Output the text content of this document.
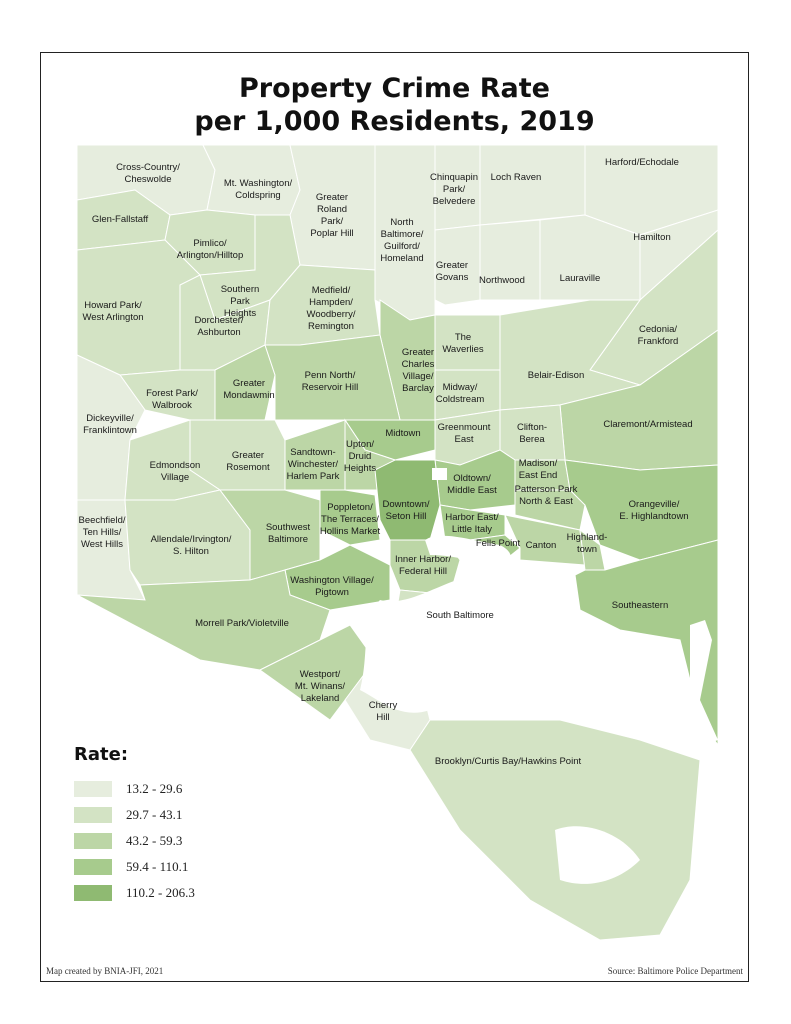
Property Crime Rate
per 1,000 Residents, 2019
Cross-Country/ Cheswolde	Mt. Washington/ Coldspring	Greater Roland Park/ Poplar Hill
North Baltimore/ Guilford/ Homeland
Chinquapin Park/ Belvedere
Loch Raven
Harford/Echodale
Glen-Fallstaff
Pimlico/ Arlington/Hilltop
Greater Govans Northwood	Lauraville
Hamilton
Southern Park Heights
Howard Park/ West Arlington	Dorchester/ Ashburton
Medfield/ Hampden/ Woodberry/ Remington
The Waverlies
Cedonia/ Frankford
Greater Charles Village/ Barclay
Greater Mondawmin
Penn North/ Reservoir Hill
Belair-Edison
Forest Park/ Walbrook
Midway/ Coldstream
Dickeyville/ Franklintown
Claremont/Armistead
Midtown
Greenmount East
Clifton-Berea
Greater Rosemont
Sandtown-Winchester/ Harlem Park
Upton/ Druid Heights
Edmondson Village
Madison/ East End
Oldtown/ Middle East Patterson Park North & East	Orangeville/ E. Highlandtown
Beechfield/ Ten Hills/ West Hills	Allendale/Irvington/ S. Hilton
Southwest Baltimore
Poppleton/ The Terraces/ Hollins Market
Downtown/ Seton Hill	Harbor East/ Little Italy
Fells Point Canton
Highland-town
Inner Harbor/ Federal Hill
Washington Village/ Pigtown
Southeastern
Morrell Park/Violetville
South Baltimore
Westport/ Mt. Winans/ Lakeland
Cherry Hill
Brooklyn/Curtis Bay/Hawkins Point
Rate:
13.2 - 29.6
29.7 - 43.1
43.2 - 59.3
59.4 - 110.1
110.2 - 206.3
Map created by BNIA-JFI, 2021	Source: Baltimore Police Department
